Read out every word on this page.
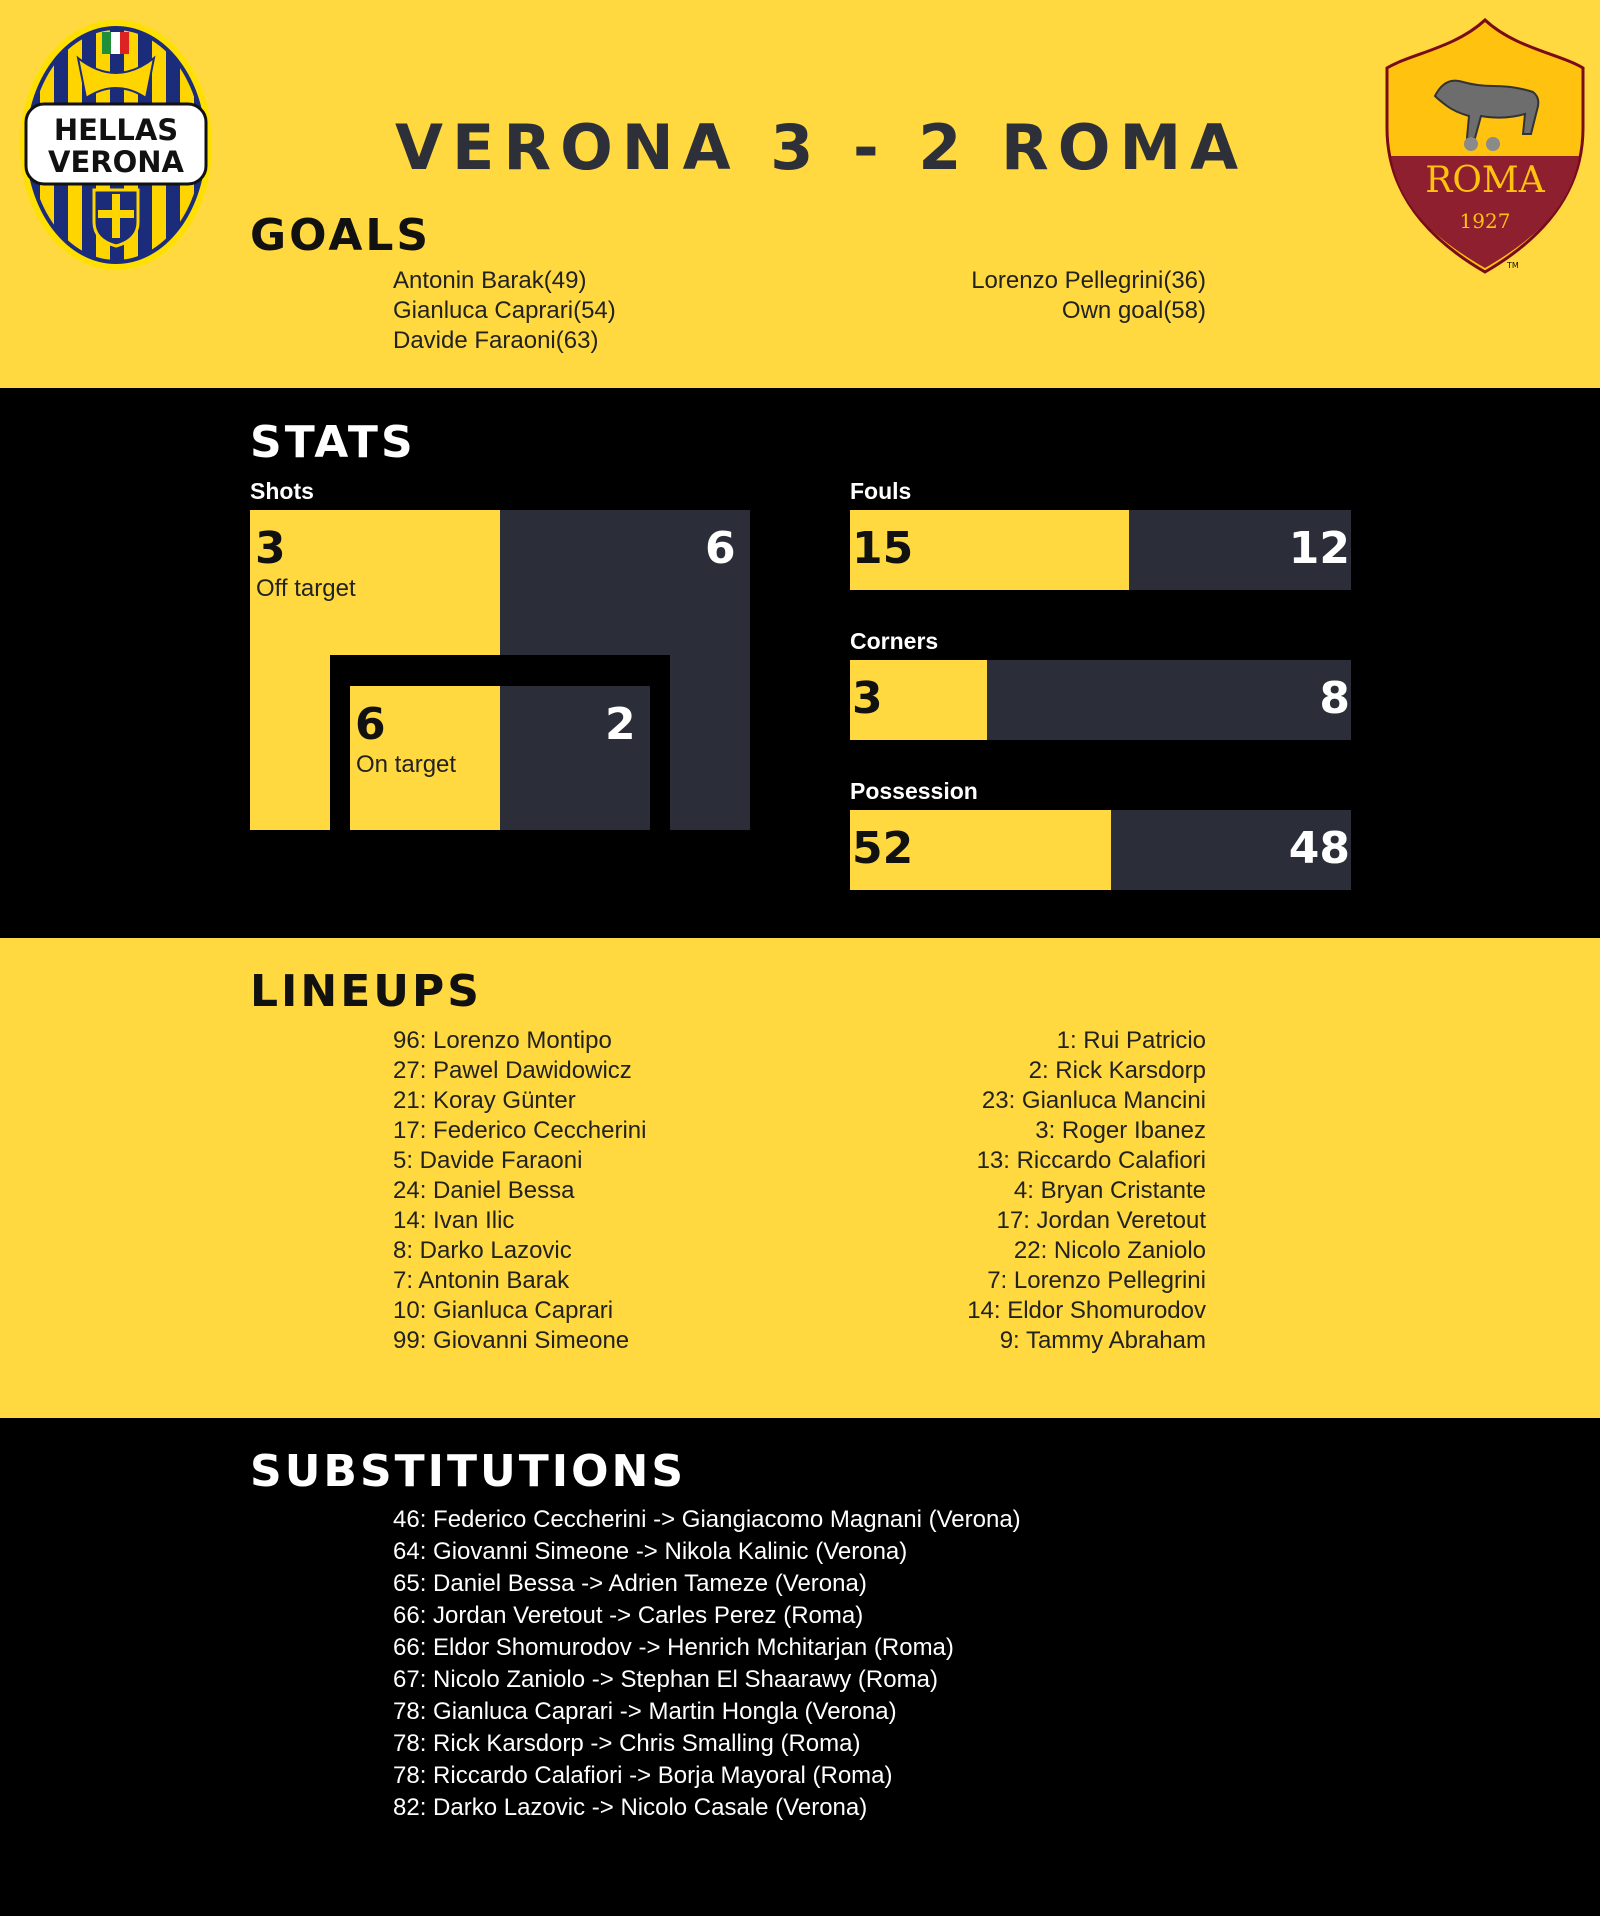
HELLAS
VERONA	ROMA
1927
TM
VERONA 3 - 2 ROMA
GOALS
Antonin Barak(49)
Gianluca Caprari(54)
Davide Faraoni(63)
Lorenzo Pellegrini(36)
Own goal(58)
STATS
Shots
3	6
Off target
6	2
On target
Fouls
15	12
Corners
3	8
Possession
52	48
LINEUPS
96: Lorenzo Montipo
27: Pawel Dawidowicz
21: Koray Günter
17: Federico Ceccherini
5: Davide Faraoni
24: Daniel Bessa
14: Ivan Ilic
8: Darko Lazovic
7: Antonin Barak
10: Gianluca Caprari
99: Giovanni Simeone
1: Rui Patricio
2: Rick Karsdorp
23: Gianluca Mancini
3: Roger Ibanez
13: Riccardo Calafiori
4: Bryan Cristante
17: Jordan Veretout
22: Nicolo Zaniolo
7: Lorenzo Pellegrini
14: Eldor Shomurodov
9: Tammy Abraham
SUBSTITUTIONS
46: Federico Ceccherini -> Giangiacomo Magnani (Verona)
64: Giovanni Simeone -> Nikola Kalinic (Verona)
65: Daniel Bessa -> Adrien Tameze (Verona)
66: Jordan Veretout -> Carles Perez (Roma)
66: Eldor Shomurodov -> Henrich Mchitarjan (Roma)
67: Nicolo Zaniolo -> Stephan El Shaarawy (Roma)
78: Gianluca Caprari -> Martin Hongla (Verona)
78: Rick Karsdorp -> Chris Smalling (Roma)
78: Riccardo Calafiori -> Borja Mayoral (Roma)
82: Darko Lazovic -> Nicolo Casale (Verona)
